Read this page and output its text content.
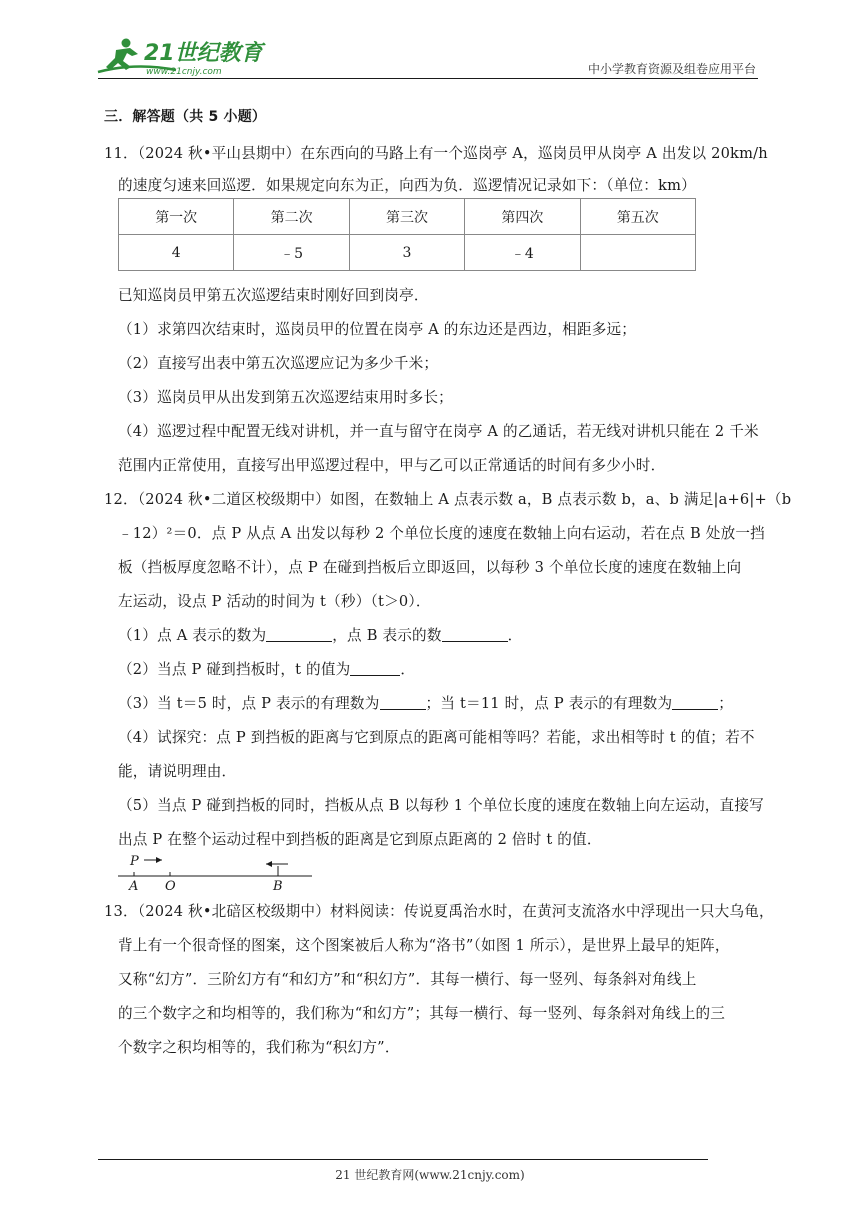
21世纪教育
www.21cnjy.com	中小学教育资源及组卷应用平台
三．解答题（共 5 小题）
11．（2024 秋•平山县期中）在东西向的马路上有一个巡岗亭 A，巡岗员甲从岗亭 A 出发以 20km/h
的速度匀速来回巡逻．如果规定向东为正，向西为负．巡逻情况记录如下：（单位：km）
第一次	第二次	第三次	第四次	第五次
4	﹣5	3	﹣4	
已知巡岗员甲第五次巡逻结束时刚好回到岗亭．
（1）求第四次结束时，巡岗员甲的位置在岗亭 A 的东边还是西边，相距多远；
（2）直接写出表中第五次巡逻应记为多少千米；
（3）巡岗员甲从出发到第五次巡逻结束用时多长；
（4）巡逻过程中配置无线对讲机，并一直与留守在岗亭 A 的乙通话，若无线对讲机只能在 2 千米
范围内正常使用，直接写出甲巡逻过程中，甲与乙可以正常通话的时间有多少小时．
12．（2024 秋•二道区校级期中）如图，在数轴上 A 点表示数 a，B 点表示数 b，a、b 满足|a+6|+（b
﹣12）²＝0．点 P 从点 A 出发以每秒 2 个单位长度的速度在数轴上向右运动，若在点 B 处放一挡
板（挡板厚度忽略不计），点 P 在碰到挡板后立即返回，以每秒 3 个单位长度的速度在数轴上向
左运动，设点 P 活动的时间为 t（秒）（t＞0）．
（1）点 A 表示的数为	，点 B 表示的数	．
（2）当点 P 碰到挡板时，t 的值为	．
（3）当 t＝5 时，点 P 表示的有理数为	；当 t＝11 时，点 P 表示的有理数为	；
（4）试探究：点 P 到挡板的距离与它到原点的距离可能相等吗？若能，求出相等时 t 的值；若不
能，请说明理由．
（5）当点 P 碰到挡板的同时，挡板从点 B 以每秒 1 个单位长度的速度在数轴上向左运动，直接写
出点 P 在整个运动过程中到挡板的距离是它到原点距离的 2 倍时 t 的值．
P
A O	B
13．（2024 秋•北碚区校级期中）材料阅读：传说夏禹治水时，在黄河支流洛水中浮现出一只大乌龟，
背上有一个很奇怪的图案，这个图案被后人称为“洛书”（如图 1 所示），是世界上最早的矩阵，
又称“幻方”．三阶幻方有“和幻方”和“积幻方”．其每一横行、每一竖列、每条斜对角线上
的三个数字之和均相等的，我们称为“和幻方”；其每一横行、每一竖列、每条斜对角线上的三
个数字之积均相等的，我们称为“积幻方”．
21 世纪教育网(www.21cnjy.com)
